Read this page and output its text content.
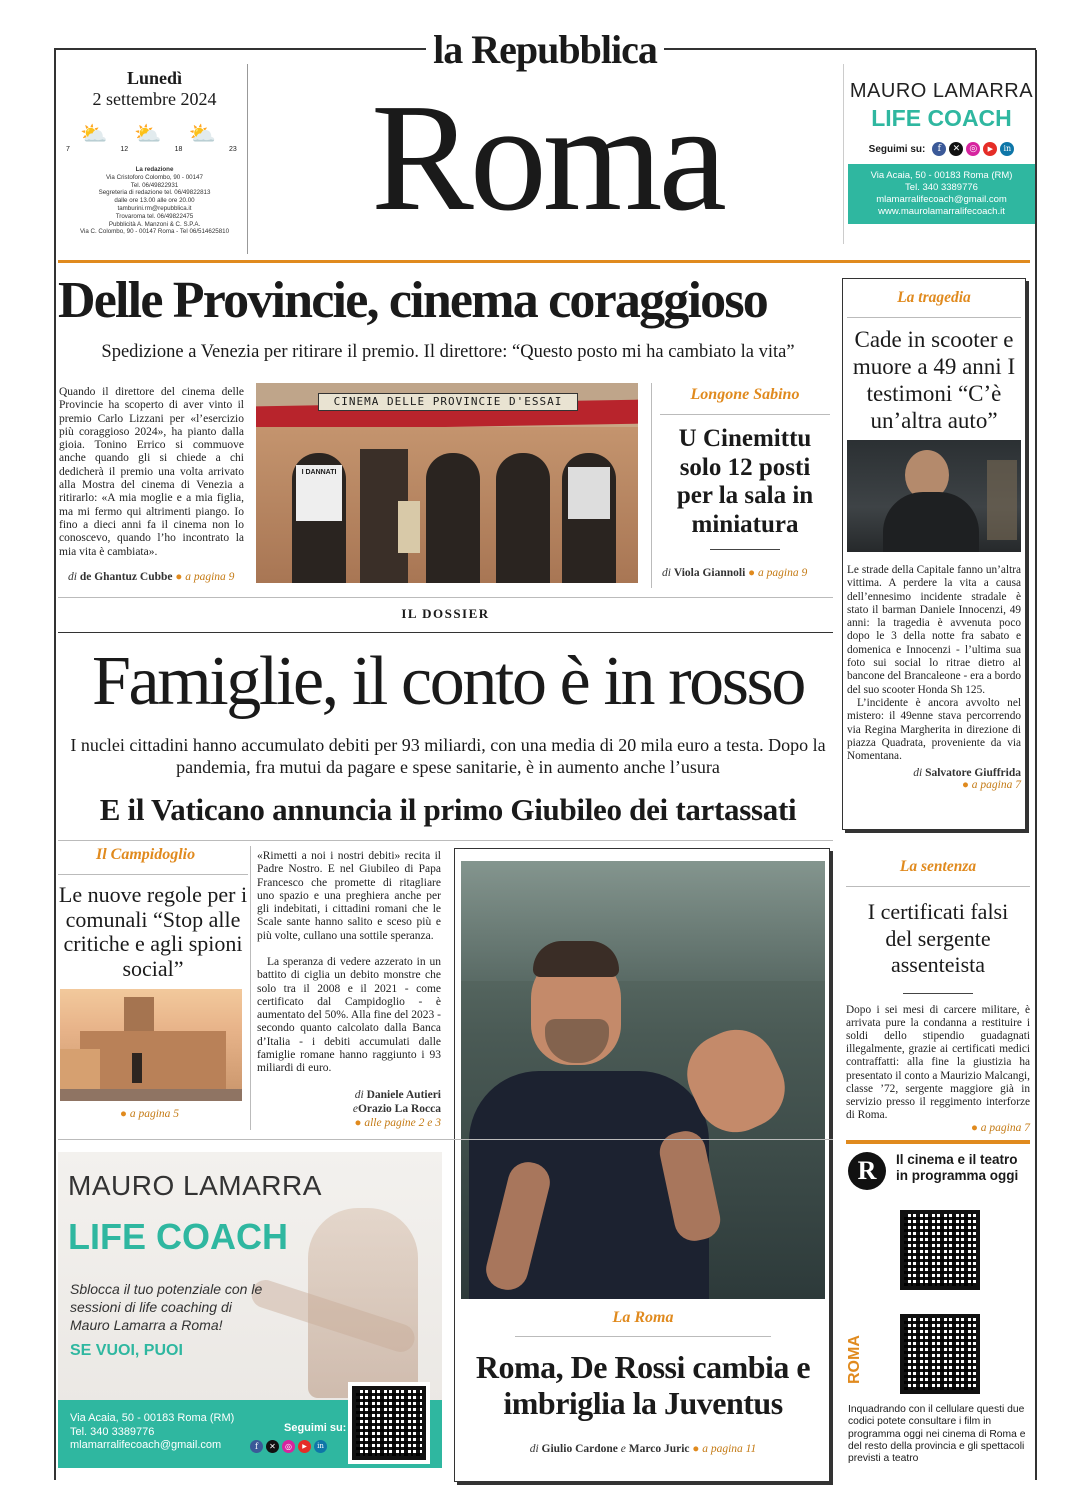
la Repubblica
Roma
Lunedì
2 settembre 2024
⛅
7
⛅
12
⛅
18	23
La redazione
Via Cristoforo Colombo, 90 - 00147
Tel. 06/49822931
Segreteria di redazione tel. 06/49822813
dalle ore 13.00 alle ore 20.00
tamburini.rm@repubblica.it
Trovaroma tel. 06/49822475
Pubblicità A. Manzoni & C. S.P.A.
Via C. Colombo, 90 - 00147 Roma - Tel 06/514625810
MAURO LAMARRA
LIFE COACH
Seguimi su:	f	✕	◎	▶	in
Via Acaia, 50 - 00183 Roma (RM)
Tel. 340 3389776
mlamarralifecoach@gmail.com
www.maurolamarralifecoach.it
Delle Provincie, cinema coraggioso
Spedizione a Venezia per ritirare il premio. Il direttore: “Questo posto mi ha cambiato la vita”
Quando il direttore del cinema delle Provincie ha scoperto di aver vinto il premio Carlo Lizzani per «l’esercizio più coraggioso 2024», ha pianto dalla gioia. Tonino Errico si commuove anche quando gli si chiede a chi dedicherà il premio una volta arrivato alla Mostra del cinema di Venezia a ritirarlo: «A mia moglie e a mia figlia, ma mi fermo qui altrimenti piango. Io fino a dieci anni fa il cinema non lo conoscevo, quando l’ho incontrato la mia vita è cambiata».
di de Ghantuz Cubbe ● a pagina 9
CINEMA DELLE PROVINCIE D'ESSAI
I DANNATI
Longone Sabino
U Cinemittu solo 12 posti per la sala in miniatura
di Viola Giannoli ● a pagina 9
La tragedia
Cade in scooter e muore a 49 anni I testimoni “C’è un’altra auto”
Le strade della Capitale fanno un’altra vittima. A perdere la vita a causa dell’ennesimo incidente stradale è stato il barman Daniele Innocenzi, 49 anni: la tragedia è avvenuta poco dopo le 3 della notte fra sabato e domenica e Innocenzi - l’ultima sua foto sui social lo ritrae dietro al bancone del Brancaleone - era a bordo del suo scooter Honda Sh 125.
L’incidente è ancora avvolto nel mistero: il 49enne stava percorrendo via Regina Margherita in direzione di piazza Quadrata, proveniente da via Nomentana.
di Salvatore Giuffrida
● a pagina 7
IL DOSSIER
Famiglie, il conto è in rosso
I nuclei cittadini hanno accumulato debiti per 93 miliardi, con una media di 20 mila euro a testa. Dopo la pandemia, fra mutui da pagare e spese sanitarie, è in aumento anche l’usura
E il Vaticano annuncia il primo Giubileo dei tartassati
Il Campidoglio
Le nuove regole per i comunali “Stop alle critiche e agli spioni social”
● a pagina 5
«Rimetti a noi i nostri debiti» recita il Padre Nostro. E nel Giubileo di Papa Francesco che promette di ritagliare uno spazio e una preghiera anche per gli indebitati, i cittadini romani che le Scale sante hanno salito e sceso più e più volte, cullano una sottile speranza.
La speranza di vedere azzerato in un battito di ciglia un debito monstre che solo tra il 2008 e il 2021 - come certificato dal Campidoglio - è aumentato del 50%. Alla fine del 2023 - secondo quanto calcolato dalla Banca d’Italia - i debiti accumulati dalle famiglie romane hanno raggiunto i 93 miliardi di euro.
di Daniele Autieri
eOrazio La Rocca
● alle pagine 2 e 3
La Roma
Roma, De Rossi cambia e imbriglia la Juventus
di Giulio Cardone e Marco Juric ● a pagina 11
La sentenza
I certificati falsi del sergente assenteista
Dopo i sei mesi di carcere militare, è arrivata pure la condanna a restituire i soldi dello stipendio guadagnati illegalmente, grazie ai certificati medici contraffatti: alla fine la giustizia ha presentato il conto a Maurizio Malcangi, classe ’72, sergente maggiore già in servizio presso il reggimento interforze di Roma.
● a pagina 7
R	Il cinema e il teatro in programma oggi
ROMA
Inquadrando con il cellulare questi due codici potete consultare i film in programma oggi nei cinema di Roma e del resto della provincia e gli spettacoli previsti a teatro
MAURO LAMARRA
LIFE COACH
Sblocca il tuo potenziale con le sessioni di life coaching di Mauro Lamarra a Roma!
SE VUOI, PUOI
Via Acaia, 50 - 00183 Roma (RM)
Tel. 340 3389776
mlamarralifecoach@gmail.com
Seguimi su:
f	✕	◎	▶	in
